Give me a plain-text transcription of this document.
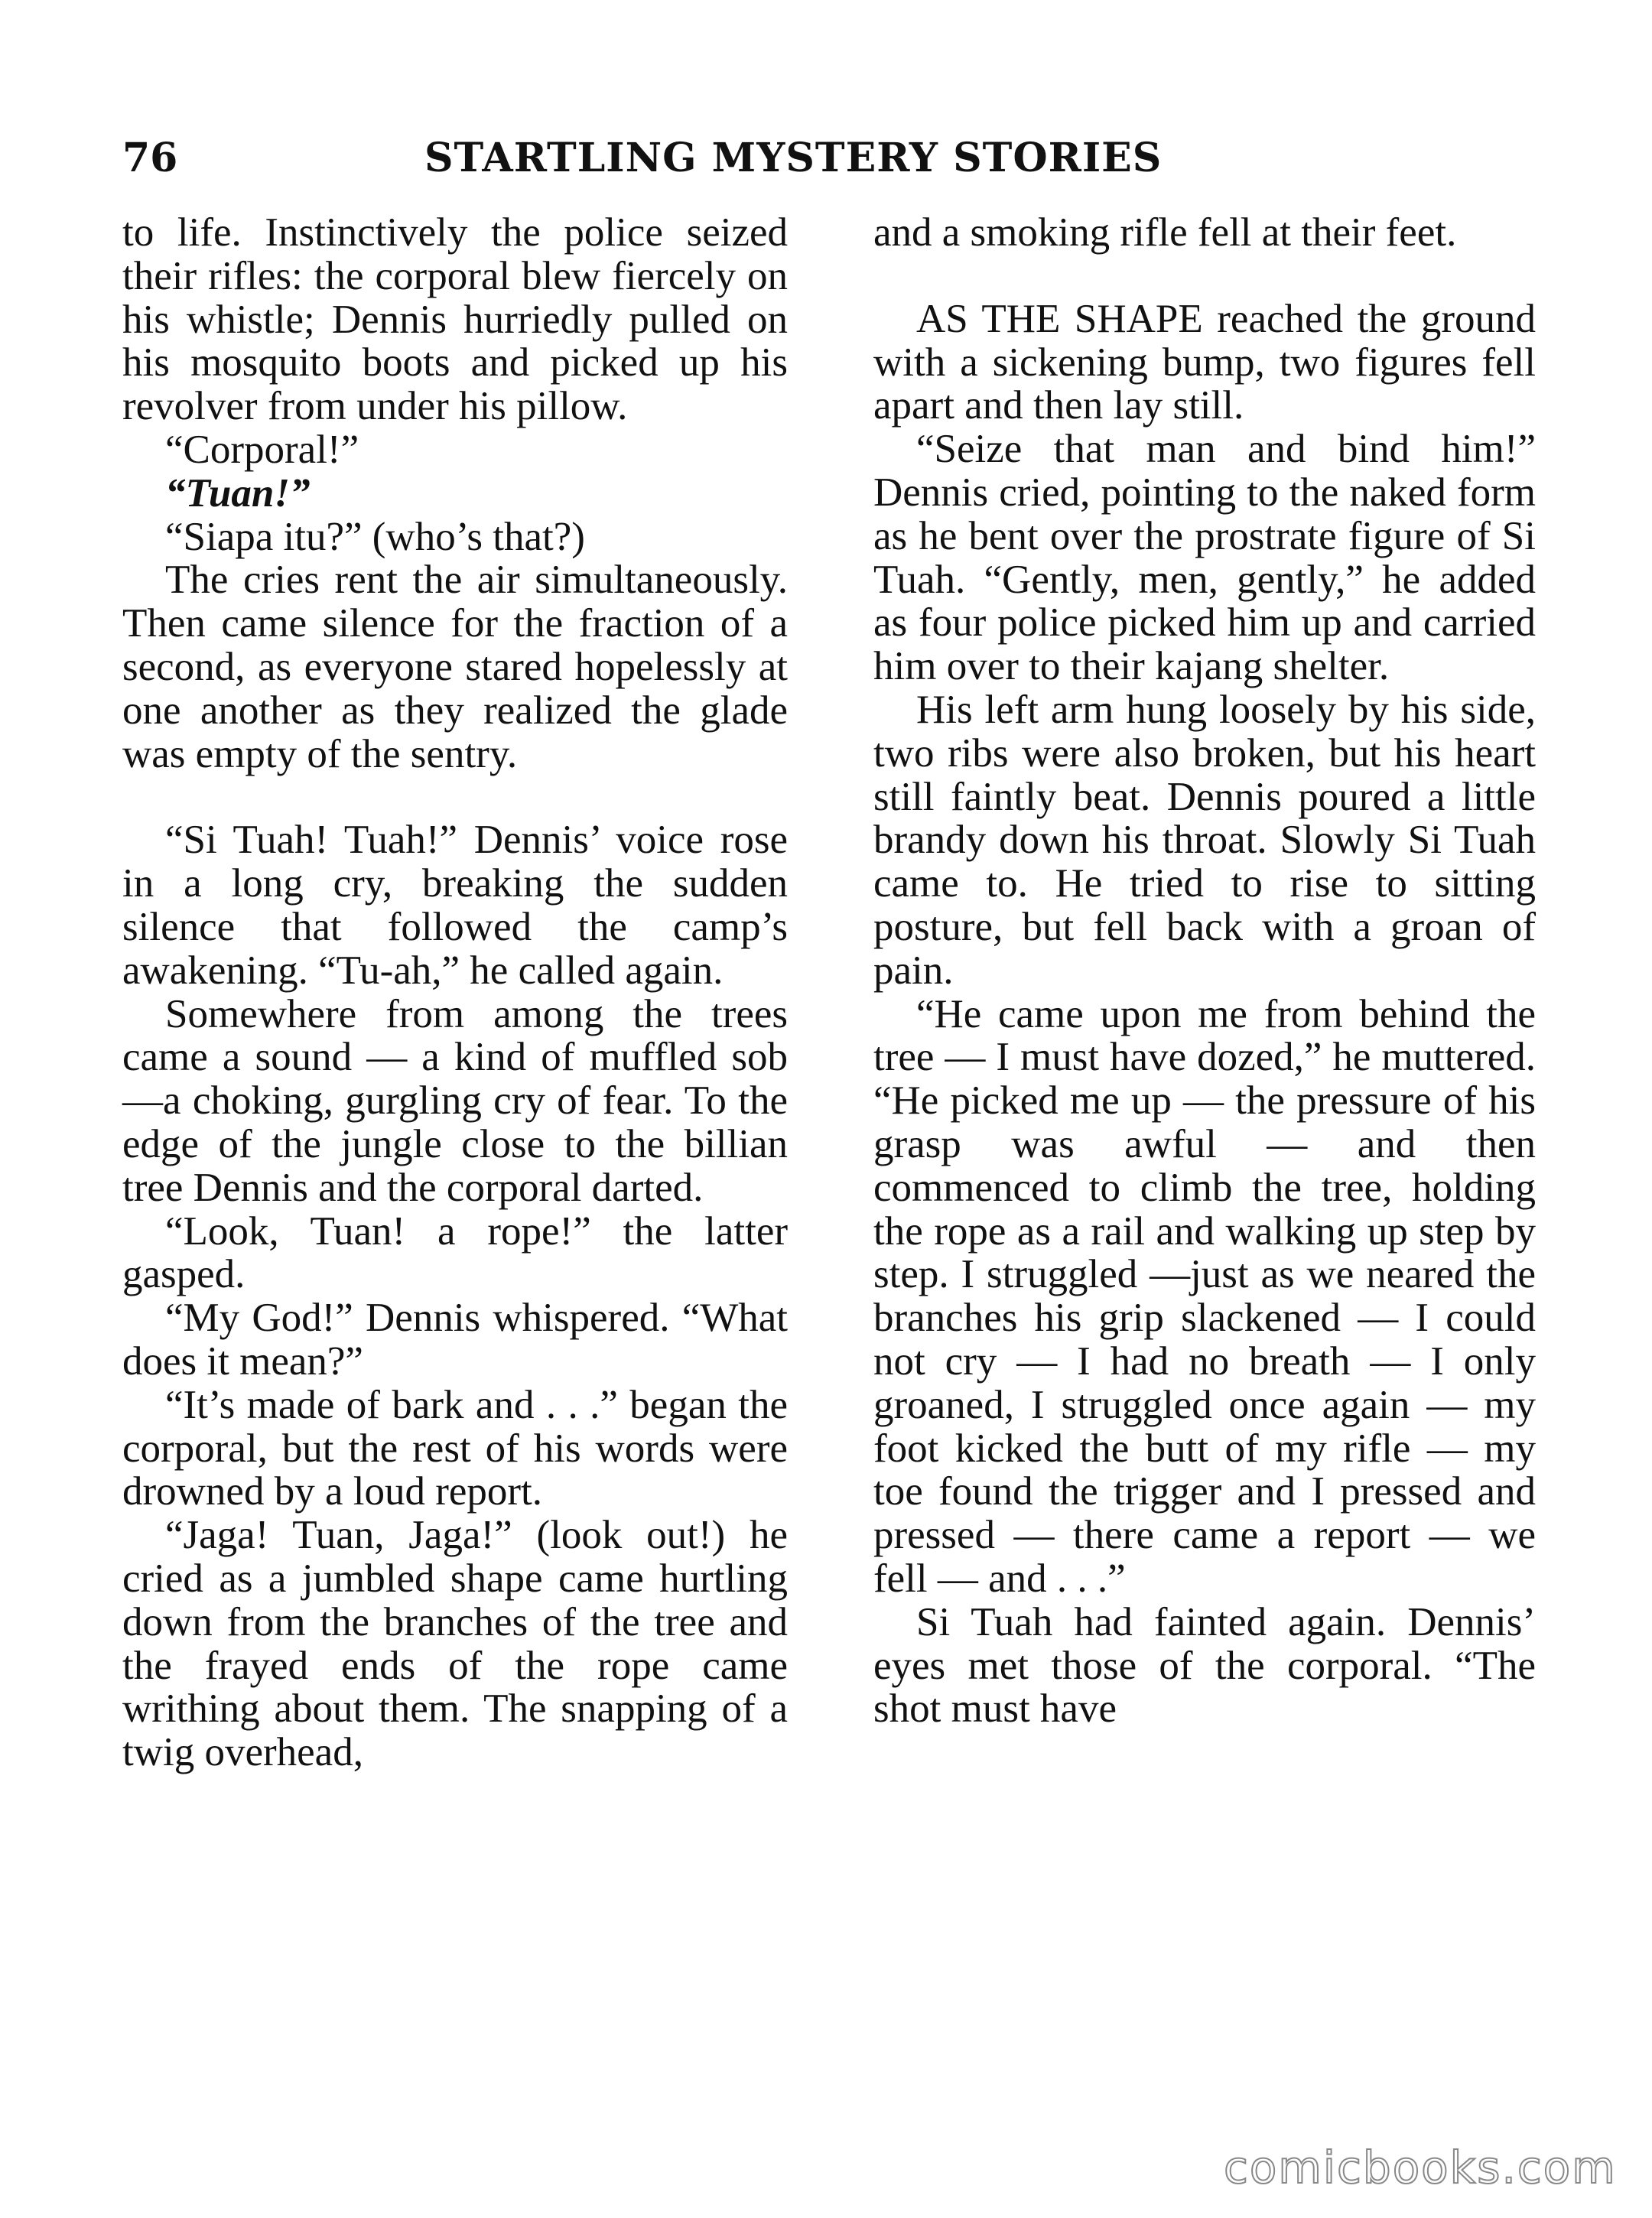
76	STARTLING MYSTERY STORIES

to life. Instinctively the police seized their rifles: the corporal blew fiercely on his whistle; Dennis hurriedly pulled on his mosquito boots and picked up his revolver from under his pillow.

“Corporal!”

“Tuan!”

“Siapa itu?” (who’s that?)

The cries rent the air simultaneously. Then came silence for the fraction of a second, as everyone stared hopelessly at one another as they realized the glade was empty of the sentry.

“Si Tuah! Tuah!” Dennis’ voice rose in a long cry, breaking the sudden silence that followed the camp’s awakening. “Tu-ah,” he called again.

Somewhere from among the trees came a sound — a kind of muffled sob—a choking, gurgling cry of fear. To the edge of the jungle close to the billian tree Dennis and the corporal darted.

“Look, Tuan! a rope!” the latter gasped.

“My God!” Dennis whispered. “What does it mean?”

“It’s made of bark and . . .” began the corporal, but the rest of his words were drowned by a loud report.

“Jaga! Tuan, Jaga!” (look out!) he cried as a jumbled shape came hurtling down from the branches of the tree and the frayed ends of the rope came writhing about them. The snapping of a twig overhead,

and a smoking rifle fell at their feet.

AS THE SHAPE reached the ground with a sickening bump, two figures fell apart and then lay still.

“Seize that man and bind him!” Dennis cried, pointing to the naked form as he bent over the prostrate figure of Si Tuah. “Gently, men, gently,” he added as four police picked him up and carried him over to their kajang shelter.

His left arm hung loosely by his side, two ribs were also broken, but his heart still faintly beat. Dennis poured a little brandy down his throat. Slowly Si Tuah came to. He tried to rise to sitting posture, but fell back with a groan of pain.

“He came upon me from behind the tree — I must have dozed,” he muttered. “He picked me up — the pressure of his grasp was awful — and then commenced to climb the tree, holding the rope as a rail and walking up step by step. I struggled —just as we neared the branches his grip slackened — I could not cry — I had no breath — I only groaned, I struggled once again — my foot kicked the butt of my rifle — my toe found the trigger and I pressed and pressed — there came a report — we fell — and . . .”

Si Tuah had fainted again. Dennis’ eyes met those of the corporal. “The shot must have

comicbooks.com
